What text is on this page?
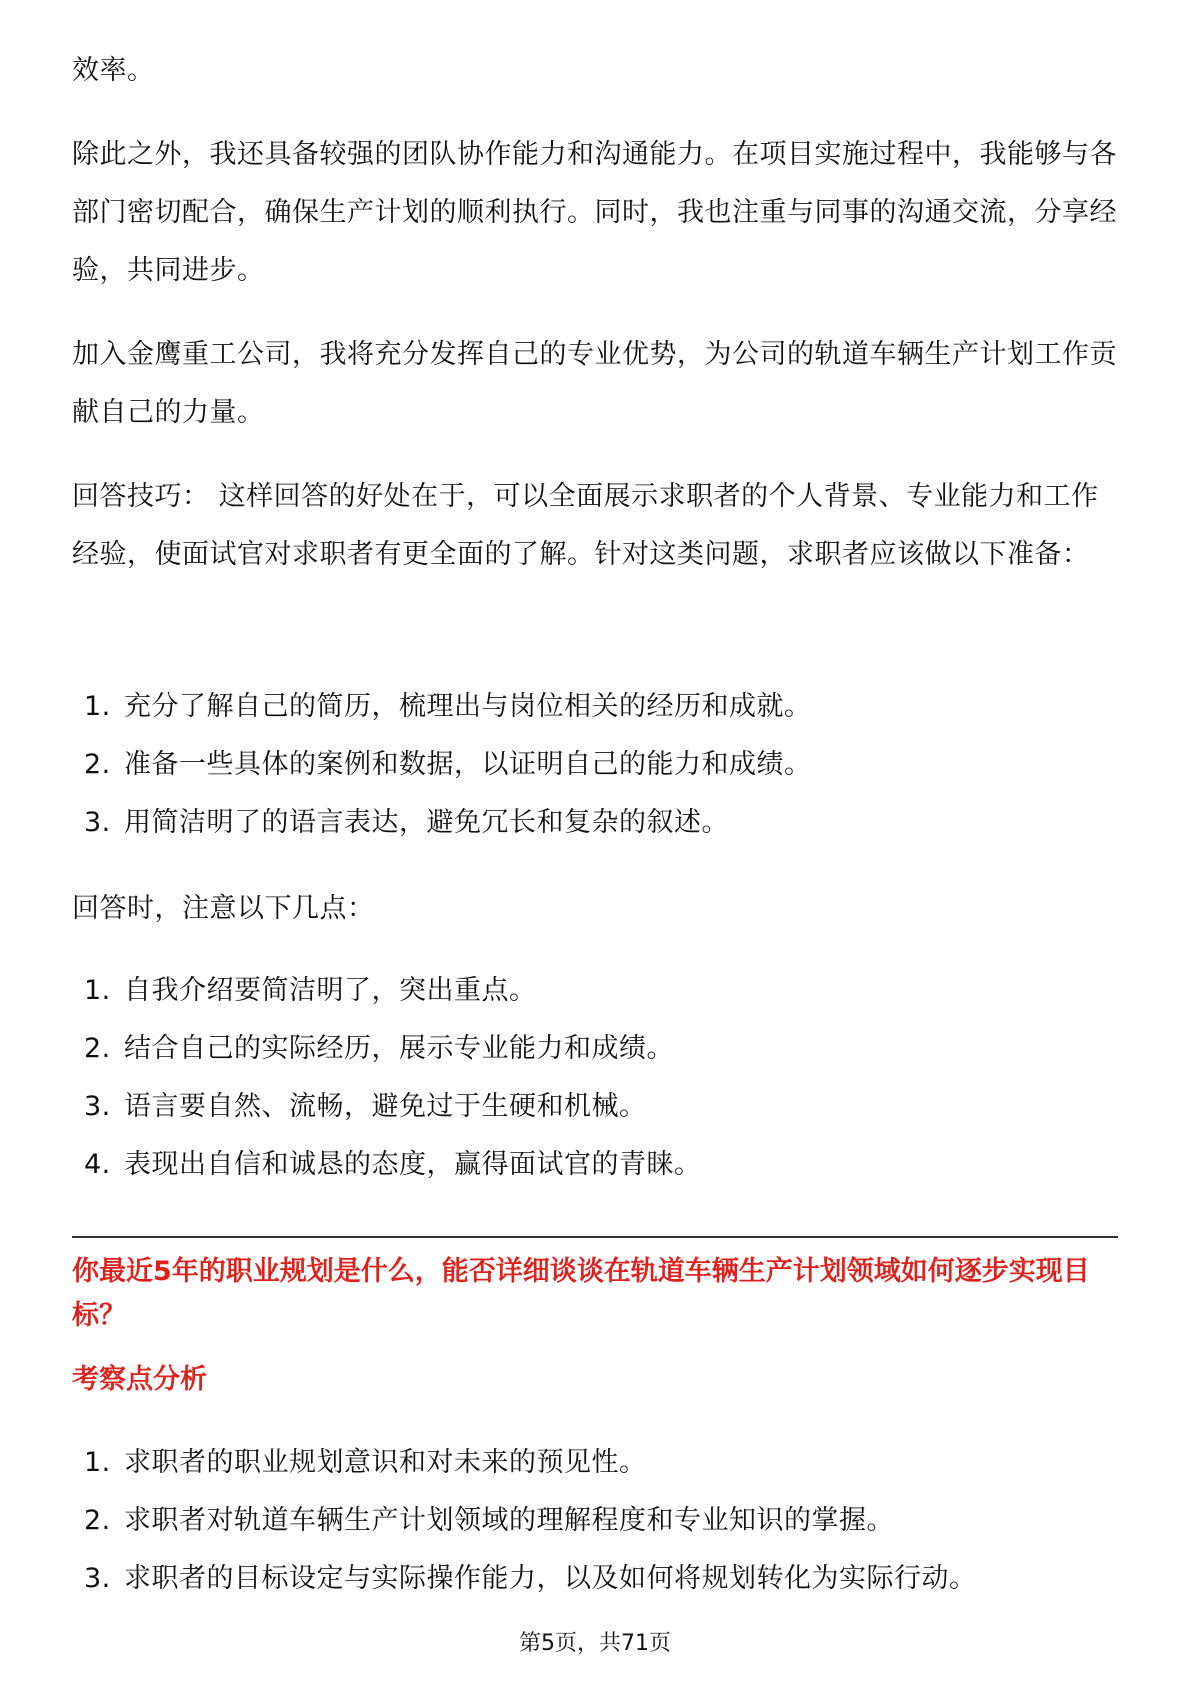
效率。

除此之外，我还具备较强的团队协作能力和沟通能力。在项目实施过程中，我能够与各部门密切配合，确保生产计划的顺利执行。同时，我也注重与同事的沟通交流，分享经验，共同进步。

加入金鹰重工公司，我将充分发挥自己的专业优势，为公司的轨道车辆生产计划工作贡献自己的力量。

回答技巧： 这样回答的好处在于，可以全面展示求职者的个人背景、专业能力和工作经验，使面试官对求职者有更全面的了解。针对这类问题，求职者应该做以下准备：

1. 充分了解自己的简历，梳理出与岗位相关的经历和成就。
2. 准备一些具体的案例和数据，以证明自己的能力和成绩。
3. 用简洁明了的语言表达，避免冗长和复杂的叙述。

回答时，注意以下几点：

1. 自我介绍要简洁明了，突出重点。
2. 结合自己的实际经历，展示专业能力和成绩。
3. 语言要自然、流畅，避免过于生硬和机械。
4. 表现出自信和诚恳的态度，赢得面试官的青睐。

你最近5年的职业规划是什么，能否详细谈谈在轨道车辆生产计划领域如何逐步实现目标？

考察点分析

1. 求职者的职业规划意识和对未来的预见性。
2. 求职者对轨道车辆生产计划领域的理解程度和专业知识的掌握。
3. 求职者的目标设定与实际操作能力，以及如何将规划转化为实际行动。
第5页，共71页
